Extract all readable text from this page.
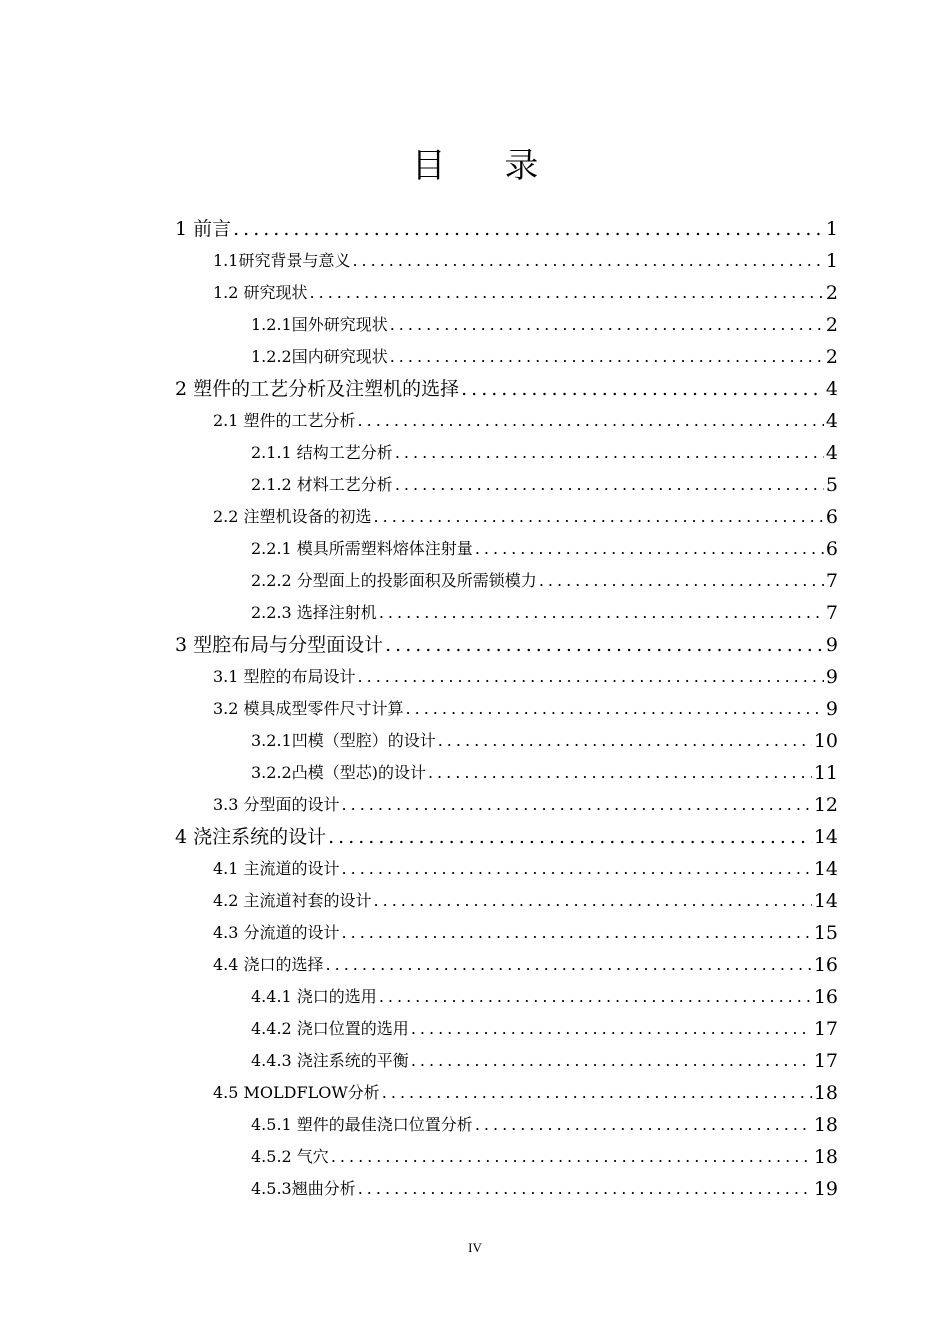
目 录
1 前言 .....	1
1.1研究背景与意义 .....	1
1.2 研究现状 .....	2
1.2.1国外研究现状 .....	2
1.2.2国内研究现状 .....	2
2 塑件的工艺分析及注塑机的选择 .....	4
2.1 塑件的工艺分析 .....	4
2.1.1 结构工艺分析 .....	4
2.1.2 材料工艺分析 .....	5
2.2 注塑机设备的初选 .....	6
2.2.1 模具所需塑料熔体注射量 .....	6
2.2.2 分型面上的投影面积及所需锁模力 .....	7
2.2.3 选择注射机 .....	7
3 型腔布局与分型面设计 .....	9
3.1 型腔的布局设计 .....	9
3.2 模具成型零件尺寸计算 .....	9
3.2.1凹模（型腔）的设计 .....	10
3.2.2凸模（型芯)的设计 .....	11
3.3 分型面的设计 .....	12
4 浇注系统的设计 .....	14
4.1 主流道的设计 .....	14
4.2 主流道衬套的设计 .....	14
4.3 分流道的设计 .....	15
4.4 浇口的选择 .....	16
4.4.1 浇口的选用 .....	16
4.4.2 浇口位置的选用 .....	17
4.4.3 浇注系统的平衡 .....	17
4.5 MOLDFLOW分析 .....	18
4.5.1 塑件的最佳浇口位置分析 .....	18
4.5.2 气穴 .....	18
4.5.3翘曲分析 .....	19
IV
